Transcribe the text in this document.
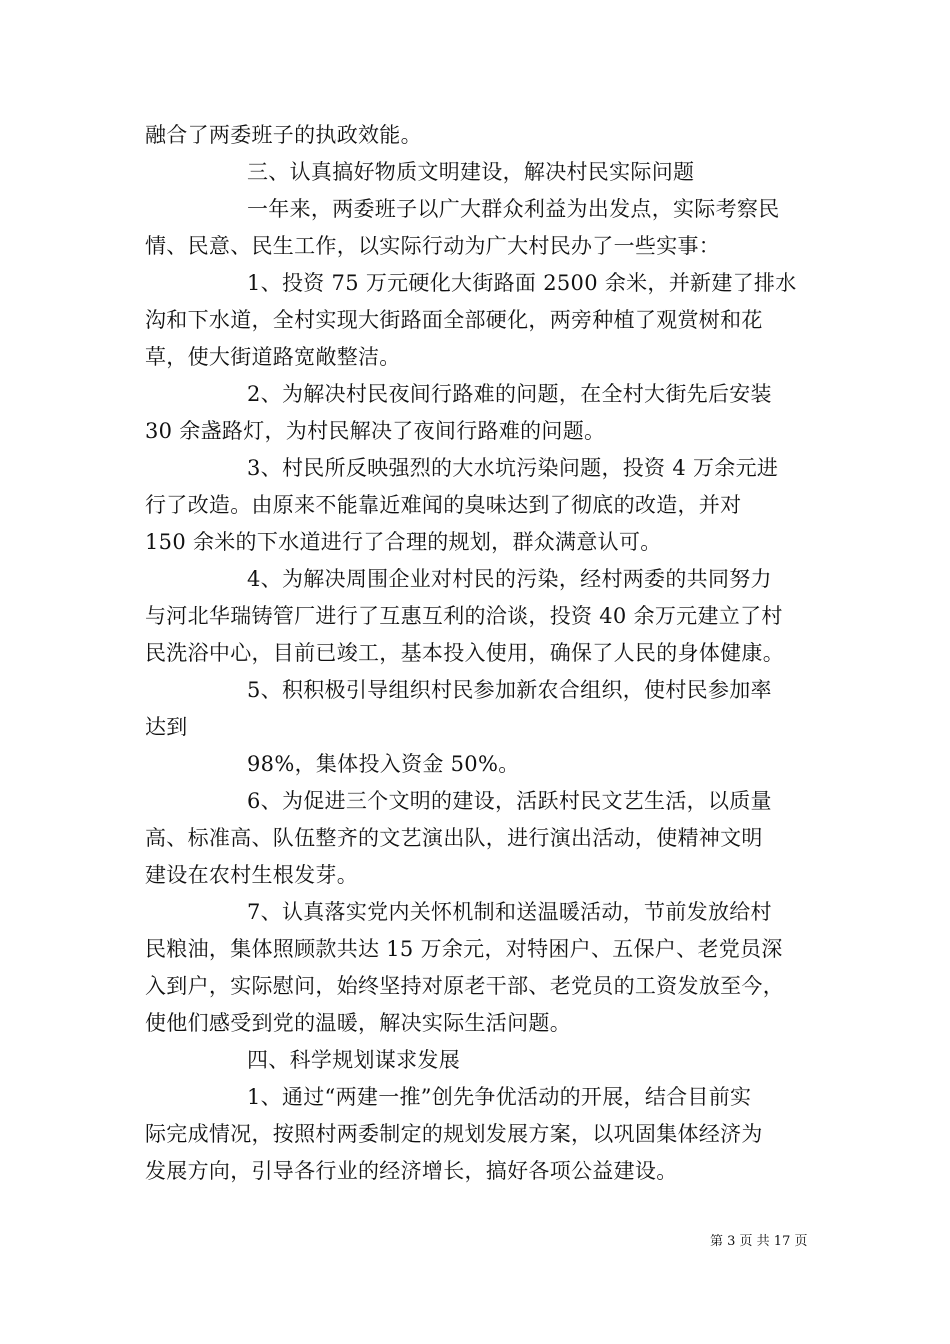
融合了两委班子的执政效能。
三、认真搞好物质文明建设，解决村民实际问题
一年来，两委班子以广大群众利益为出发点，实际考察民
情、民意、民生工作，以实际行动为广大村民办了一些实事：
1、投资 75 万元硬化大街路面 2500 余米，并新建了排水
沟和下水道，全村实现大街路面全部硬化，两旁种植了观赏树和花
草，使大街道路宽敞整洁。
2、为解决村民夜间行路难的问题，在全村大街先后安装
30 余盏路灯，为村民解决了夜间行路难的问题。
3、村民所反映强烈的大水坑污染问题，投资 4 万余元进
行了改造。由原来不能靠近难闻的臭味达到了彻底的改造，并对
150 余米的下水道进行了合理的规划，群众满意认可。
4、为解决周围企业对村民的污染，经村两委的共同努力
与河北华瑞铸管厂进行了互惠互利的洽谈，投资 40 余万元建立了村
民洗浴中心，目前已竣工，基本投入使用，确保了人民的身体健康。
5、积积极引导组织村民参加新农合组织，使村民参加率
达到
98%，集体投入资金 50%。
6、为促进三个文明的建设，活跃村民文艺生活，以质量
高、标准高、队伍整齐的文艺演出队，进行演出活动，使精神文明
建设在农村生根发芽。
7、认真落实党内关怀机制和送温暖活动，节前发放给村
民粮油，集体照顾款共达 15 万余元，对特困户、五保户、老党员深
入到户，实际慰问，始终坚持对原老干部、老党员的工资发放至今，
使他们感受到党的温暖，解决实际生活问题。
四、科学规划谋求发展
1、通过“两建一推”创先争优活动的开展，结合目前实
际完成情况，按照村两委制定的规划发展方案，以巩固集体经济为
发展方向，引导各行业的经济增长，搞好各项公益建设。
第 3 页 共 17 页
